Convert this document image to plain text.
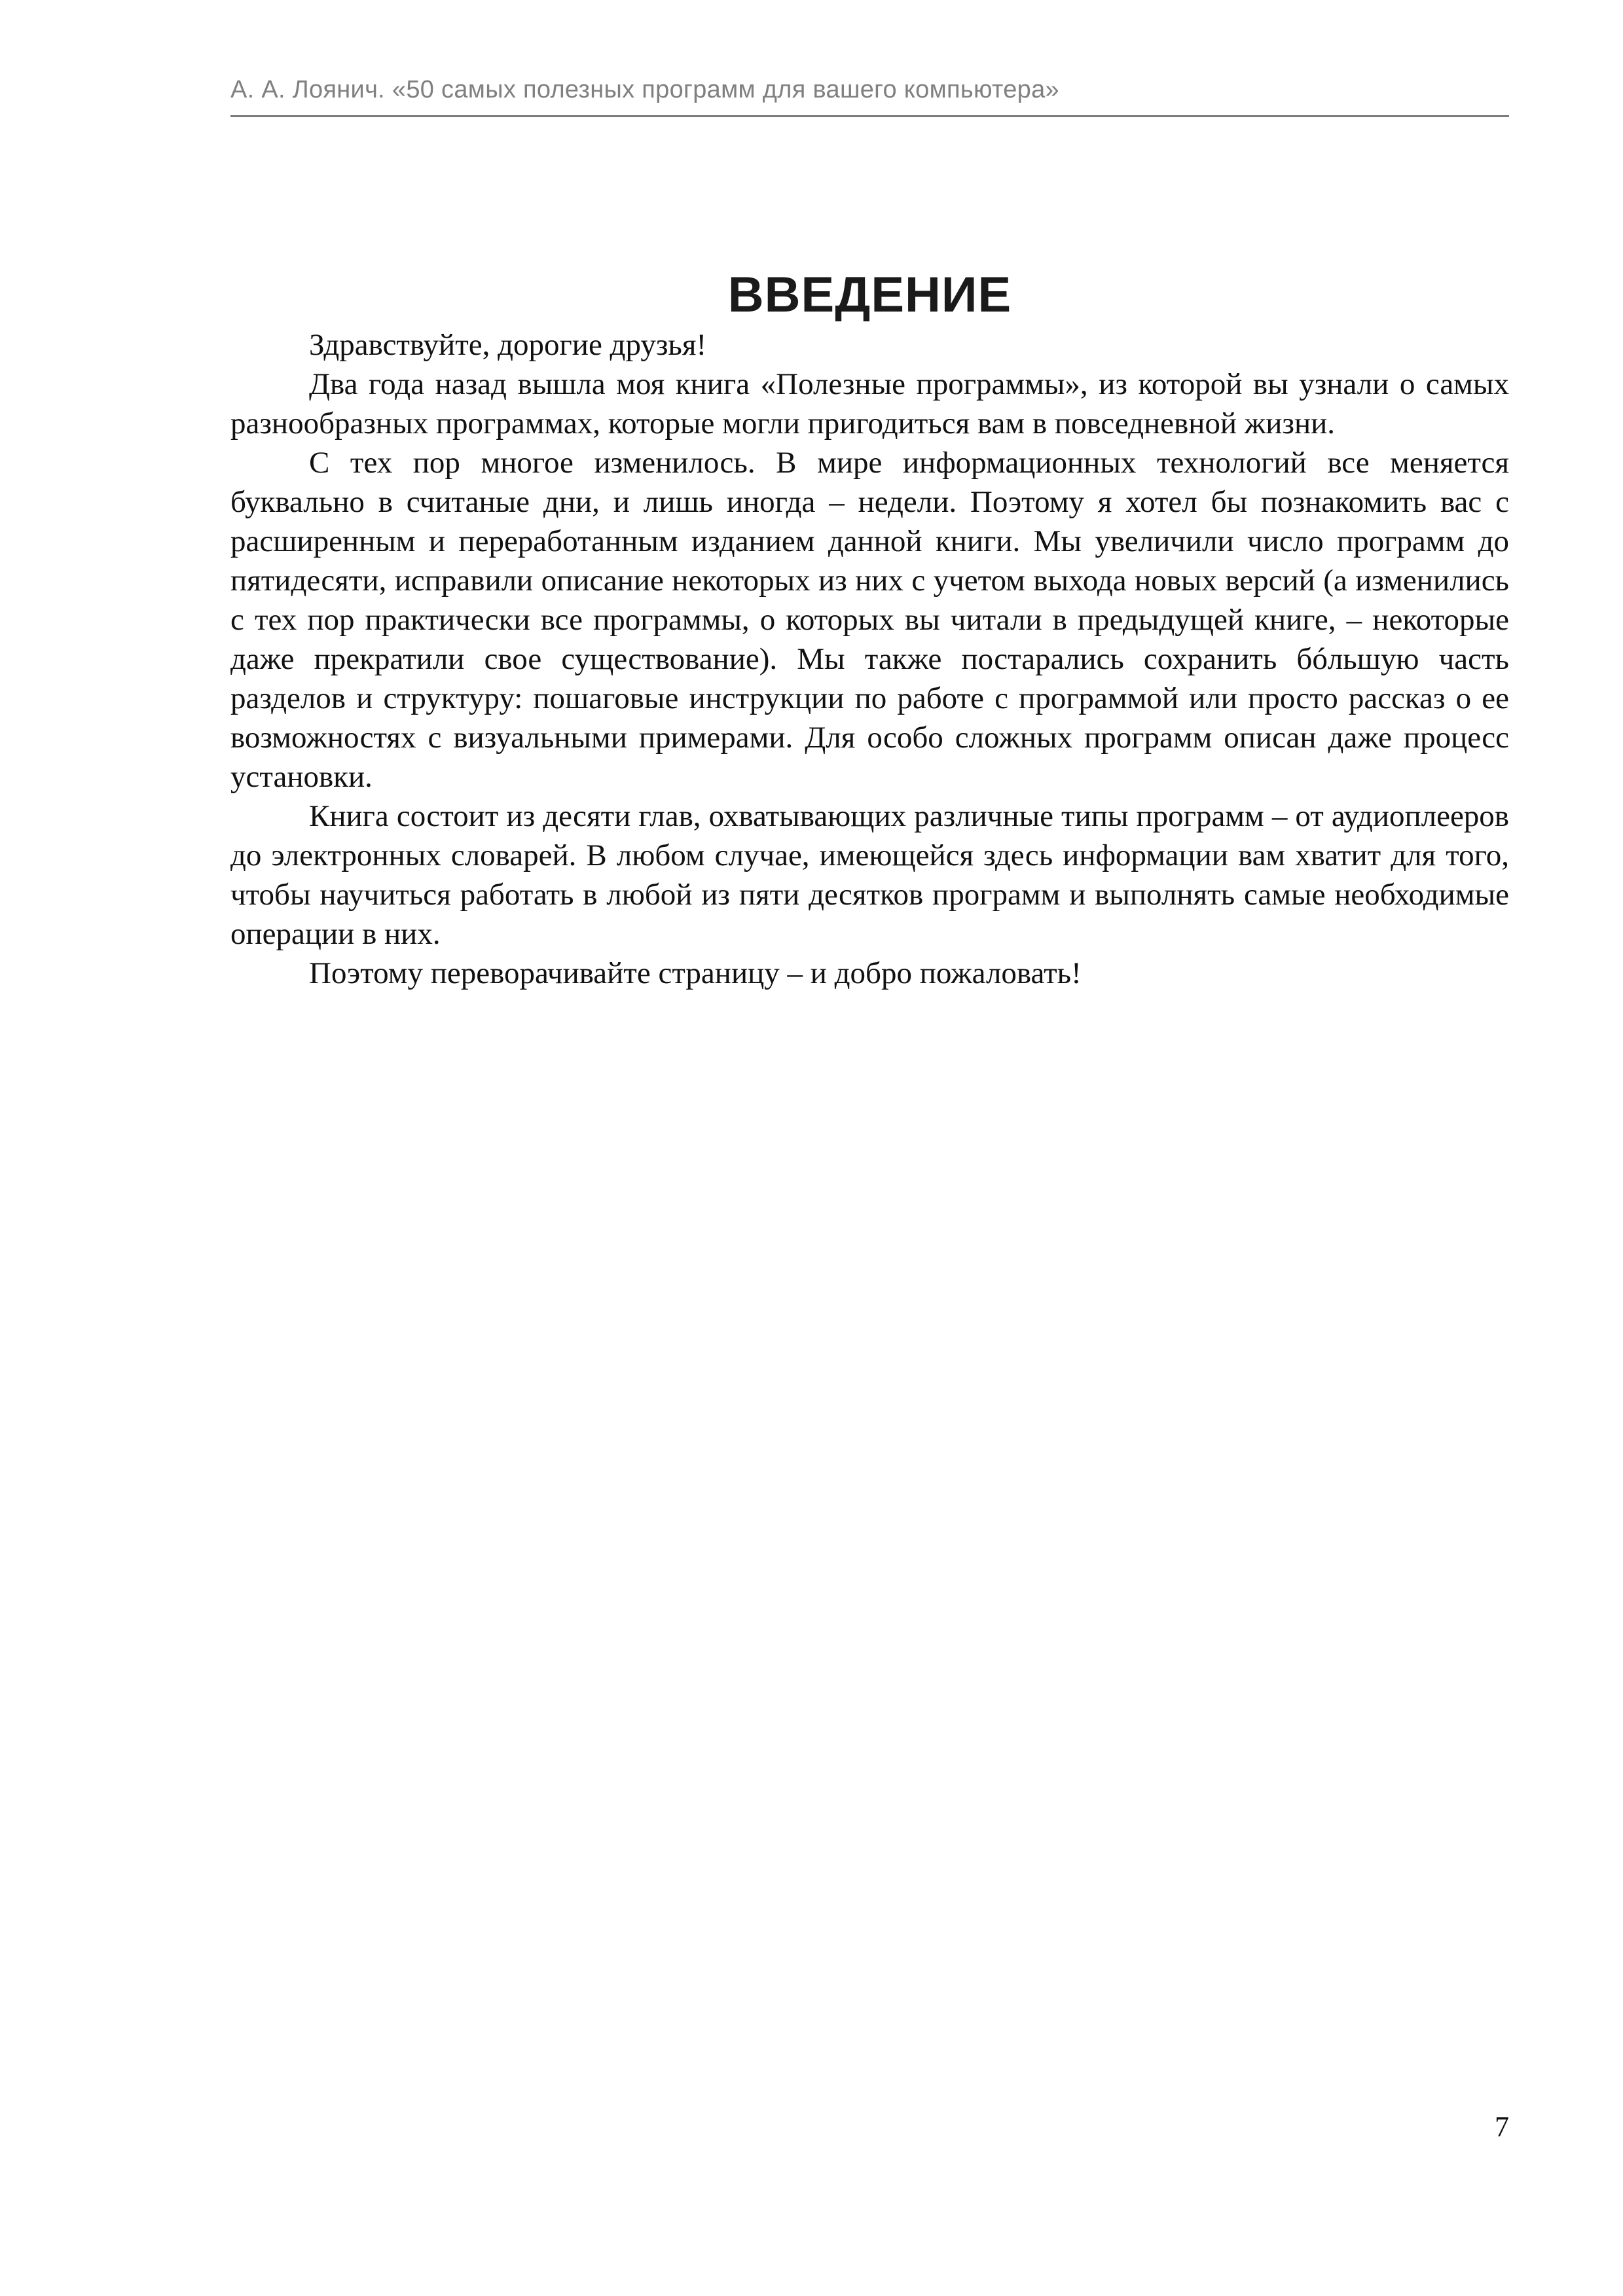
А. А. Лоянич. «50 самых полезных программ для вашего компьютера»
ВВЕДЕНИЕ

Здравствуйте, дорогие друзья!

Два года назад вышла моя книга «Полезные программы», из которой вы узнали о самых разнообразных программах, которые могли пригодиться вам в повседневной жизни.

С тех пор многое изменилось. В мире информационных технологий все меняется буквально в считаные дни, и лишь иногда – недели. Поэтому я хотел бы познакомить вас с расширенным и переработанным изданием данной книги. Мы увеличили число программ до пятидесяти, исправили описание некоторых из них с учетом выхода новых версий (а изменились с тех пор практически все программы, о которых вы читали в предыдущей книге, – некоторые даже прекратили свое существование). Мы также постарались сохранить бóльшую часть разделов и структуру: пошаговые инструкции по работе с программой или просто рассказ о ее возможностях с визуальными примерами. Для особо сложных программ описан даже процесс установки.

Книга состоит из десяти глав, охватывающих различные типы программ – от аудиоплееров до электронных словарей. В любом случае, имеющейся здесь информации вам хватит для того, чтобы научиться работать в любой из пяти десятков программ и выполнять самые необходимые операции в них.

Поэтому переворачивайте страницу – и добро пожаловать!

7
